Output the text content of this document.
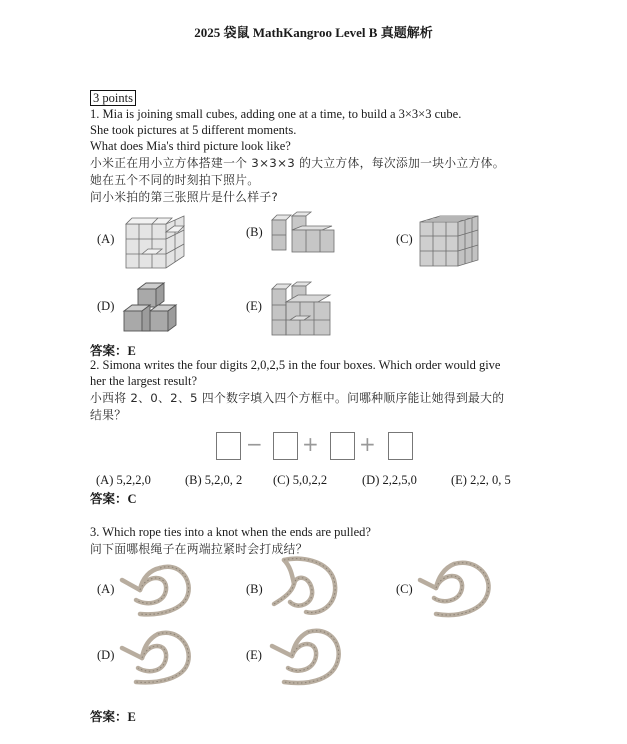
2025 袋鼠 MathKangroo Level B 真题解析
3 points
1. Mia is joining small cubes, adding one at a time, to build a 3×3×3 cube.
She took pictures at 5 different moments.
What does Mia's third picture look like?
小米正在用小立方体搭建一个 3×3×3 的大立方体，每次添加一块小立方体。
她在五个不同的时刻拍下照片。
问小米拍的第三张照片是什么样子?
(A)	(B)	(C)
(D)	(E)
答案：E
2. Simona writes the four digits 2,0,2,5 in the four boxes. Which order would give
her the largest result?
小西将 2、0、2、5 四个数字填入四个方框中。问哪种顺序能让她得到最大的
结果？
− + +
(A) 5,2,2,0	(B) 5,2,0, 2 (C) 5,0,2,2	(D) 2,2,5,0	(E) 2,2, 0, 5
答案：C
3. Which rope ties into a knot when the ends are pulled?
问下面哪根绳子在两端拉紧时会打成结？
(A)	(B)	(C)
(D)	(E)
答案：E
